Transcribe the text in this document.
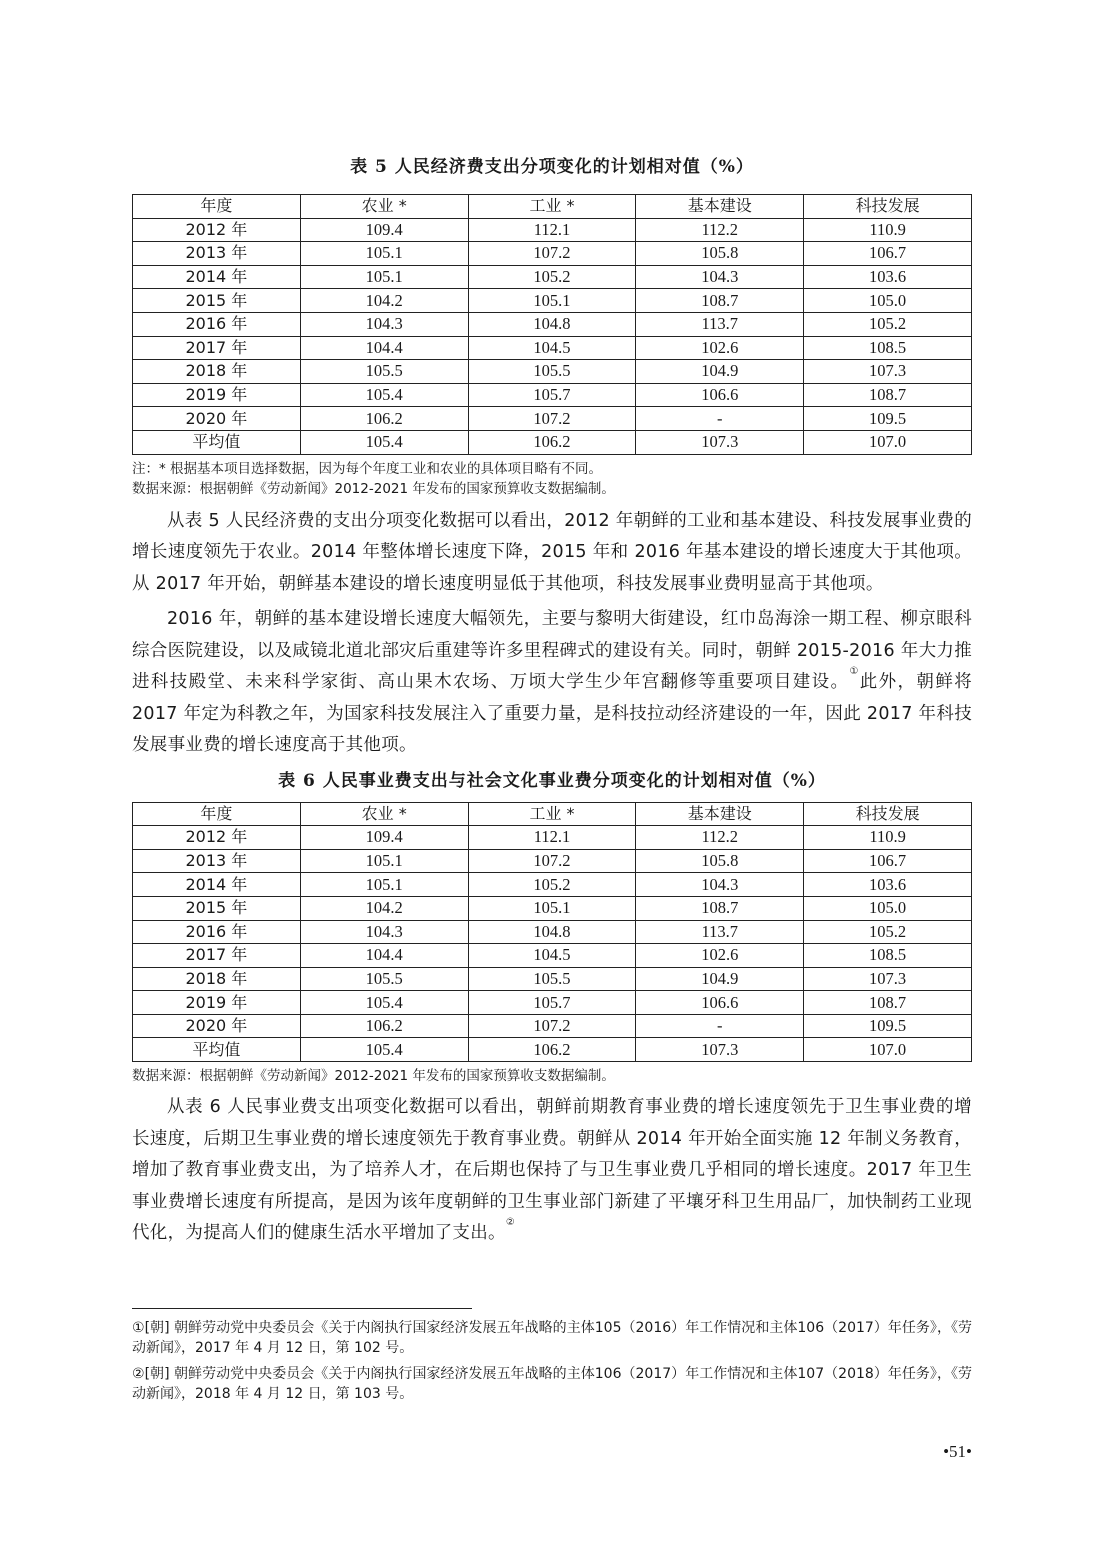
表 5 人民经济费支出分项变化的计划相对值（%）

年度	农业 *	工业 *	基本建设	科技发展
2012 年	109.4	112.1	112.2	110.9
2013 年	105.1	107.2	105.8	106.7
2014 年	105.1	105.2	104.3	103.6
2015 年	104.2	105.1	108.7	105.0
2016 年	104.3	104.8	113.7	105.2
2017 年	104.4	104.5	102.6	108.5
2018 年	105.5	105.5	104.9	107.3
2019 年	105.4	105.7	106.6	108.7
2020 年	106.2	107.2	-	109.5
平均值	105.4	106.2	107.3	107.0

注：* 根据基本项目选择数据，因为每个年度工业和农业的具体项目略有不同。

数据来源：根据朝鲜《劳动新闻》2012-2021 年发布的国家预算收支数据编制。

从表 5 人民经济费的支出分项变化数据可以看出，2012 年朝鲜的工业和基本建设、科技发展事业费的增长速度领先于农业。2014 年整体增长速度下降，2015 年和 2016 年基本建设的增长速度大于其他项。从 2017 年开始，朝鲜基本建设的增长速度明显低于其他项，科技发展事业费明显高于其他项。

2016 年，朝鲜的基本建设增长速度大幅领先，主要与黎明大街建设，红巾岛海涂一期工程、柳京眼科综合医院建设，以及咸镜北道北部灾后重建等许多里程碑式的建设有关。同时，朝鲜 2015-2016 年大力推进科技殿堂、未来科学家街、高山果木农场、万顷大学生少年宫翻修等重要项目建设。①此外，朝鲜将 2017 年定为科教之年，为国家科技发展注入了重要力量，是科技拉动经济建设的一年，因此 2017 年科技发展事业费的增长速度高于其他项。

表 6 人民事业费支出与社会文化事业费分项变化的计划相对值（%）

年度	农业 *	工业 *	基本建设	科技发展
2012 年	109.4	112.1	112.2	110.9
2013 年	105.1	107.2	105.8	106.7
2014 年	105.1	105.2	104.3	103.6
2015 年	104.2	105.1	108.7	105.0
2016 年	104.3	104.8	113.7	105.2
2017 年	104.4	104.5	102.6	108.5
2018 年	105.5	105.5	104.9	107.3
2019 年	105.4	105.7	106.6	108.7
2020 年	106.2	107.2	-	109.5
平均值	105.4	106.2	107.3	107.0

数据来源：根据朝鲜《劳动新闻》2012-2021 年发布的国家预算收支数据编制。

从表 6 人民事业费支出项变化数据可以看出，朝鲜前期教育事业费的增长速度领先于卫生事业费的增长速度，后期卫生事业费的增长速度领先于教育事业费。朝鲜从 2014 年开始全面实施 12 年制义务教育，增加了教育事业费支出，为了培养人才，在后期也保持了与卫生事业费几乎相同的增长速度。2017 年卫生事业费增长速度有所提高，是因为该年度朝鲜的卫生事业部门新建了平壤牙科卫生用品厂，加快制药工业现代化，为提高人们的健康生活水平增加了支出。②

①[朝] 朝鲜劳动党中央委员会《关于内阁执行国家经济发展五年战略的主体105（2016）年工作情况和主体106（2017）年任务》，《劳动新闻》，2017 年 4 月 12 日，第 102 号。

②[朝] 朝鲜劳动党中央委员会《关于内阁执行国家经济发展五年战略的主体106（2017）年工作情况和主体107（2018）年任务》，《劳动新闻》，2018 年 4 月 12 日，第 103 号。

•51•
